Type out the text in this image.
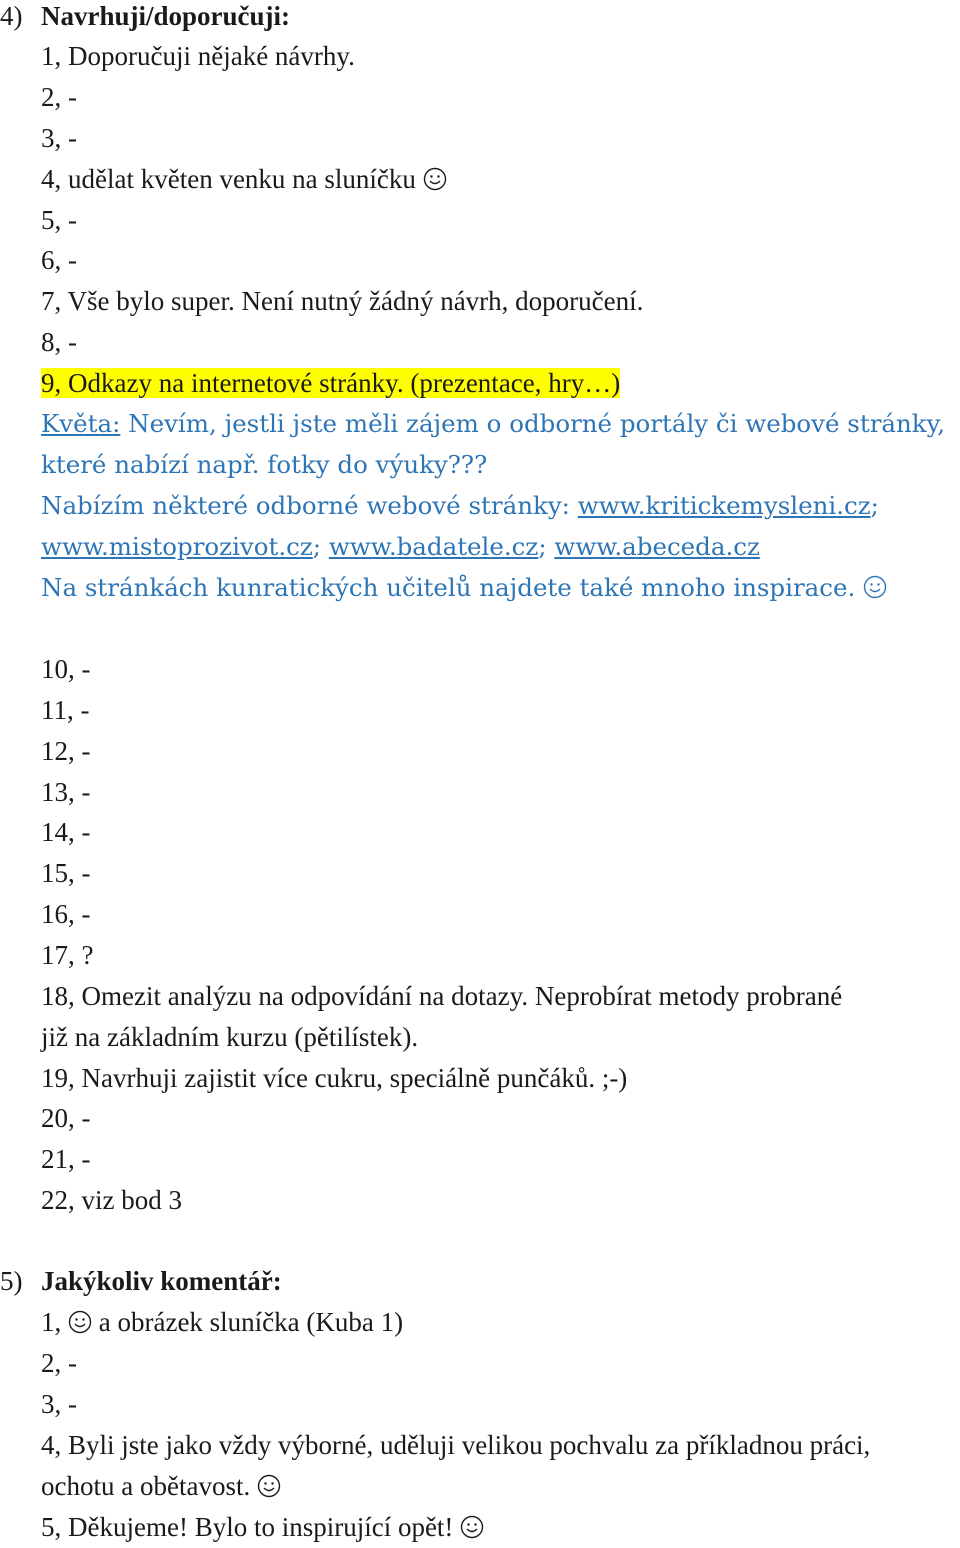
4) Navrhuji/doporučuji:
1, Doporučuji nějaké návrhy.
2, -
3, -
4, udělat květen venku na sluníčku
5, -
6, -
7, Vše bylo super. Není nutný žádný návrh, doporučení.
8, -
9, Odkazy na internetové stránky. (prezentace, hry…)
Květa: Nevím, jestli jste měli zájem o odborné portály či webové stránky,
které nabízí např. fotky do výuky???
Nabízím některé odborné webové stránky: www.kritickemysleni.cz;
www.mistoprozivot.cz; www.badatele.cz; www.abeceda.cz
Na stránkách kunratických učitelů najdete také mnoho inspirace.
10, -
11, -
12, -
13, -
14, -
15, -
16, -
17, ?
18, Omezit analýzu na odpovídání na dotazy. Neprobírat metody probrané
již na základním kurzu (pětilístek).
19, Navrhuji zajistit více cukru, speciálně punčáků. ;-)
20, -
21, -
22, viz bod 3
5) Jakýkoliv komentář:
1,  a obrázek sluníčka (Kuba 1)
2, -
3, -
4, Byli jste jako vždy výborné, uděluji velikou pochvalu za příkladnou práci,
ochotu a obětavost.
5, Děkujeme! Bylo to inspirující opět!
